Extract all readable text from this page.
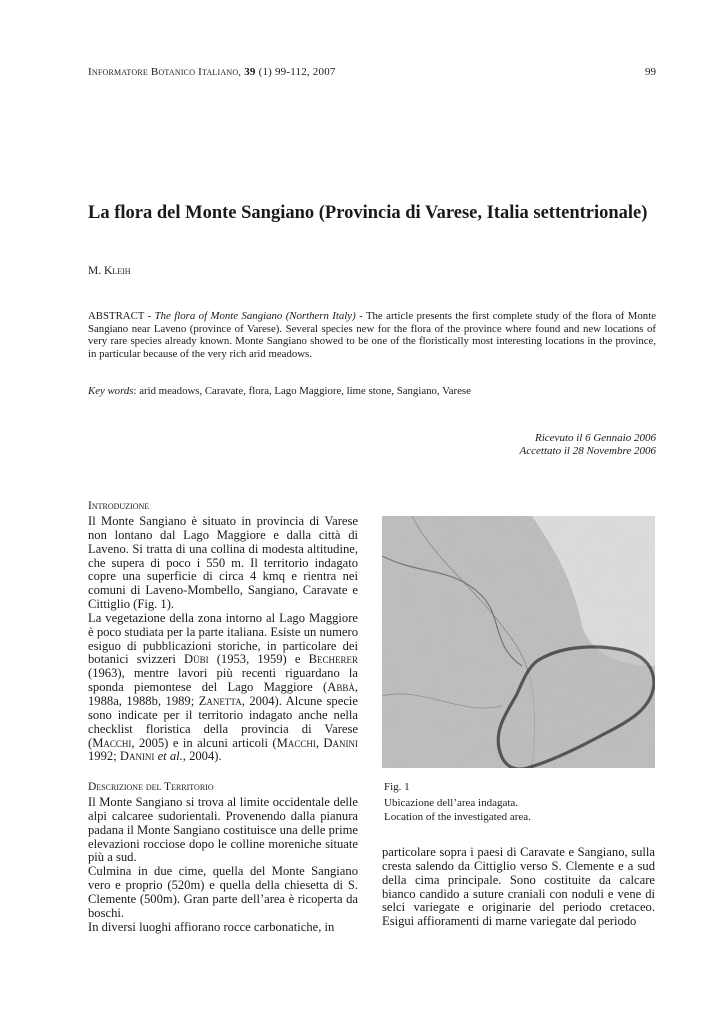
Informatore Botanico Italiano, 39 (1) 99-112, 2007	99
La flora del Monte Sangiano (Provincia di Varese, Italia settentrionale)
M. Kleih
ABSTRACT - The flora of Monte Sangiano (Northern Italy) - The article presents the first complete study of the flora of Monte Sangiano near Laveno (province of Varese). Several species new for the flora of the province where found and new locations of very rare species already known. Monte Sangiano showed to be one of the floristically most interesting locations in the province, in particular because of the very rich arid meadows.
Key words: arid meadows, Caravate, flora, Lago Maggiore, lime stone, Sangiano, Varese
Ricevuto il 6 Gennaio 2006
Accettato il 28 Novembre 2006
Introduzione

Il Monte Sangiano è situato in provincia di Varese non lontano dal Lago Maggiore e dalla città di Laveno. Si tratta di una collina di modesta altitudine, che supera di poco i 550 m. Il territorio indagato copre una superficie di circa 4 kmq e rientra nei comuni di Laveno-Mombello, Sangiano, Caravate e Cittiglio (Fig. 1).

La vegetazione della zona intorno al Lago Maggiore è poco studiata per la parte italiana. Esiste un numero esiguo di pubblicazioni storiche, in particolare dei botanici svizzeri Dübi (1953, 1959) e Becherer (1963), mentre lavori più recenti riguardano la sponda piemontese del Lago Maggiore (Abbà, 1988a, 1988b, 1989; Zanetta, 2004). Alcune specie sono indicate per il territorio indagato anche nella checklist floristica della provincia di Varese (Macchi, 2005) e in alcuni articoli (Macchi, Danini 1992; Danini et al., 2004).

Descrizione del Territorio

Il Monte Sangiano si trova al limite occidentale delle alpi calcaree sudorientali. Provenendo dalla pianura padana il Monte Sangiano costituisce una delle prime elevazioni rocciose dopo le colline moreniche situate più a sud.

Culmina in due cime, quella del Monte Sangiano vero e proprio (520m) e quella della chiesetta di S. Clemente (500m). Gran parte dell’area è ricoperta da boschi.

In diversi luoghi affiorano rocce carbonatiche, in

Fig. 1
Ubicazione dell’area indagata.
Location of the investigated area.

particolare sopra i paesi di Caravate e Sangiano, sulla cresta salendo da Cittiglio verso S. Clemente e a sud della cima principale. Sono costituite da calcare bianco candido a suture craniali con noduli e vene di selci variegate e originarie del periodo cretaceo. Esigui affioramenti di marne variegate dal periodo
